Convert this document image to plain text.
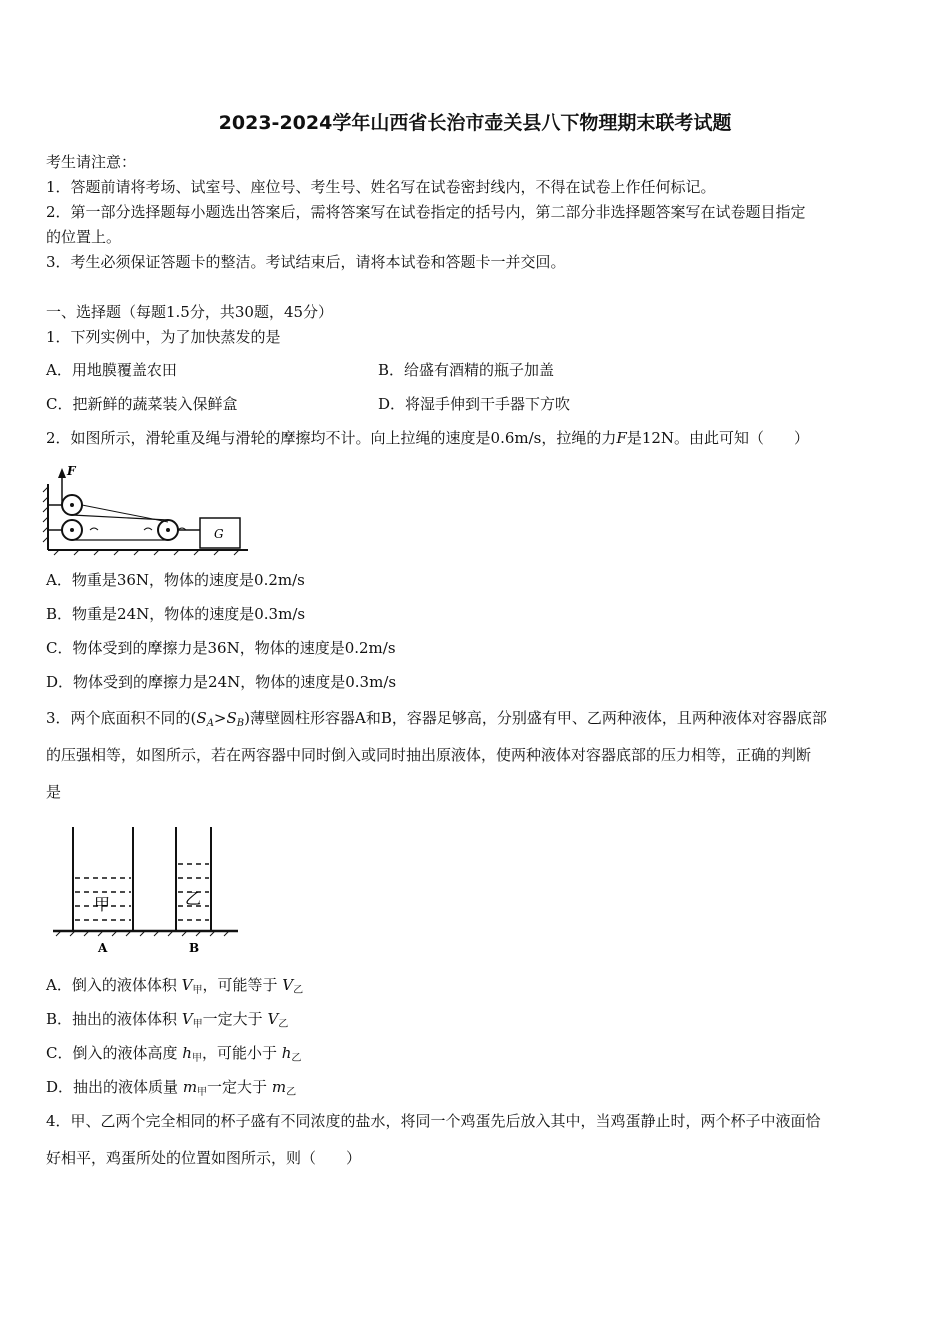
2023-2024学年山西省长治市壶关县八下物理期末联考试题
考生请注意：
1．答题前请将考场、试室号、座位号、考生号、姓名写在试卷密封线内，不得在试卷上作任何标记。
2．第一部分选择题每小题选出答案后，需将答案写在试卷指定的括号内，第二部分非选择题答案写在试卷题目指定
的位置上。
3．考生必须保证答题卡的整洁。考试结束后，请将本试卷和答题卡一并交回。
一、选择题（每题1.5分，共30题，45分）
1．下列实例中，为了加快蒸发的是
A．用地膜覆盖农田	B．给盛有酒精的瓶子加盖
C．把新鲜的蔬菜装入保鲜盒	D．将湿手伸到干手器下方吹
2．如图所示，滑轮重及绳与滑轮的摩擦均不计。向上拉绳的速度是0.6m/s，拉绳的力F是12N。由此可知（　　）
F
G
A．物重是36N，物体的速度是0.2m/s
B．物重是24N，物体的速度是0.3m/s
C．物体受到的摩擦力是36N，物体的速度是0.2m/s
D．物体受到的摩擦力是24N，物体的速度是0.3m/s
3．两个底面积不同的$(S_A>S_B)$薄壁圆柱形容器A和B，容器足够高，分别盛有甲、乙两种液体，且两种液体对容器底部
的压强相等，如图所示，若在两容器中同时倒入或同时抽出原液体，使两种液体对容器底部的压力相等，正确的判断
是
甲	乙
A	B
A．倒入的液体体积 $V_甲$，可能等于 $V_乙$
B．抽出的液体体积 $V_甲$一定大于 $V_乙$
C．倒入的液体高度 $h_甲$，可能小于 $h_乙$
D．抽出的液体质量 $m_甲$一定大于 $m_乙$
4．甲、乙两个完全相同的杯子盛有不同浓度的盐水，将同一个鸡蛋先后放入其中，当鸡蛋静止时，两个杯子中液面恰
好相平，鸡蛋所处的位置如图所示，则（　　）
